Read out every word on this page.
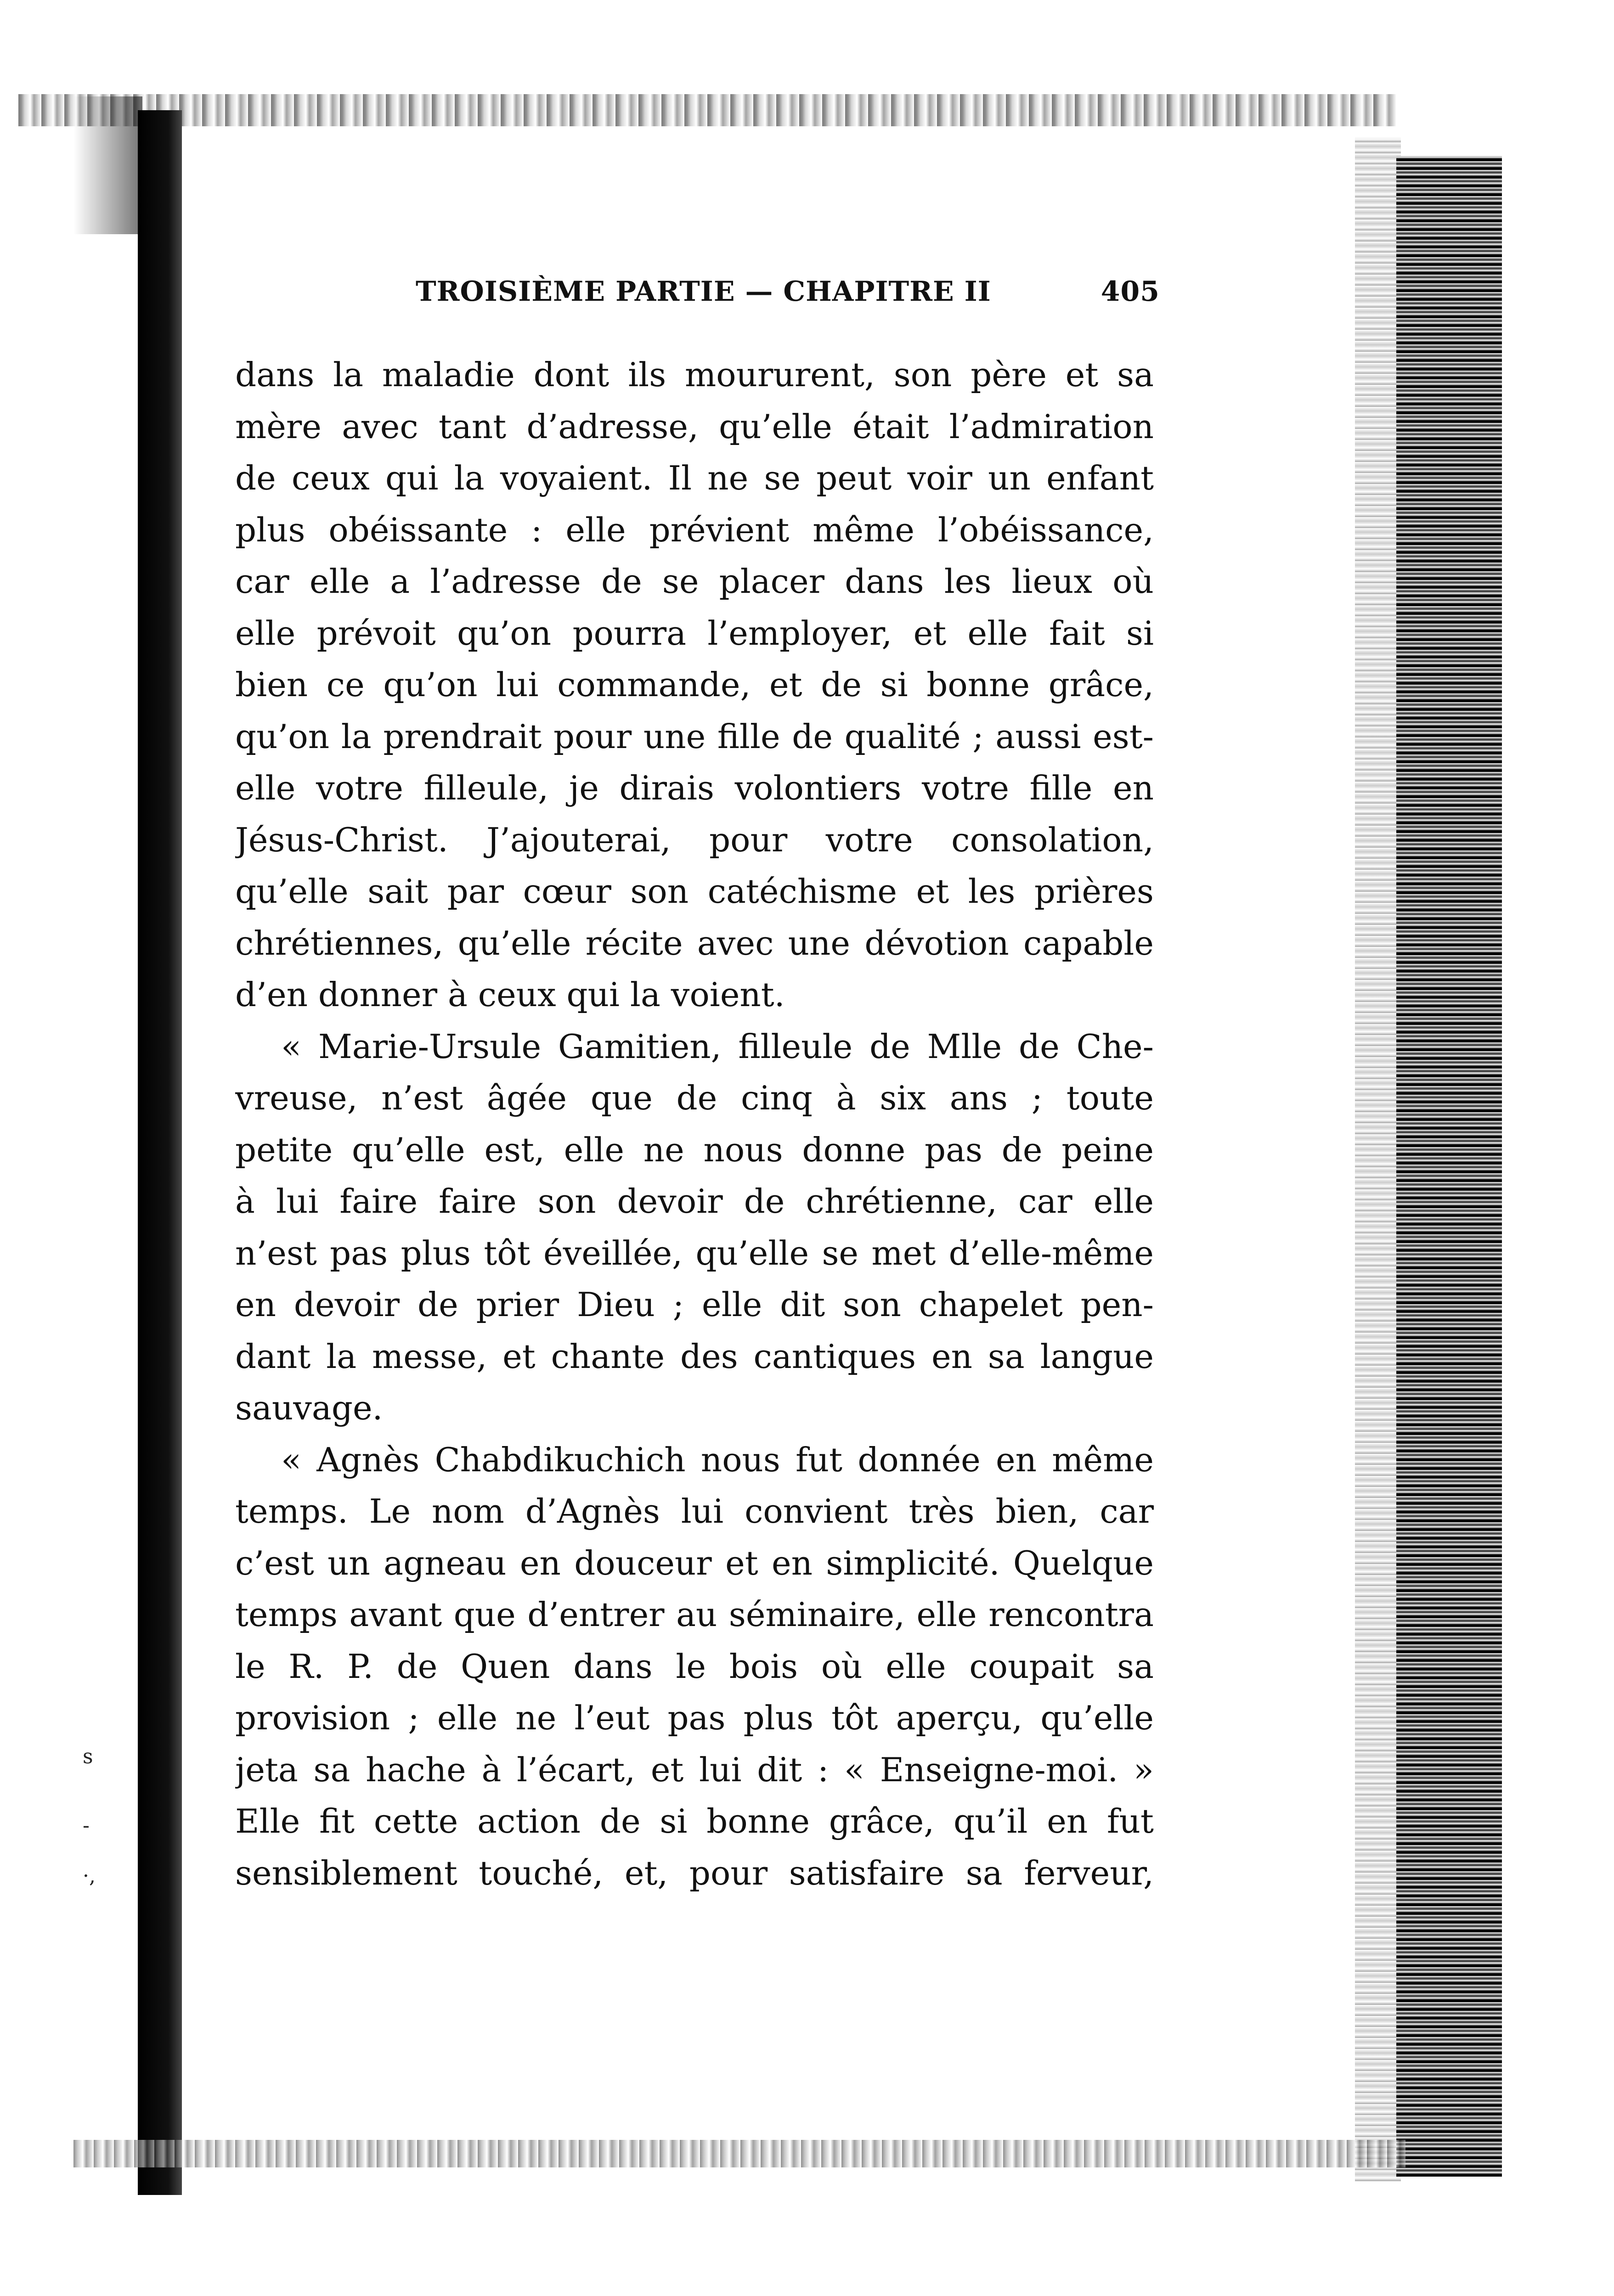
s
-
·,
TROISIÈME PARTIE — CHAPITRE II	405
dans la maladie dont ils moururent, son père et sa
mère avec tant d’adresse, qu’elle était l’admiration
de ceux qui la voyaient. Il ne se peut voir un enfant
plus obéissante : elle prévient même l’obéissance,
car elle a l’adresse de se placer dans les lieux où
elle prévoit qu’on pourra l’employer, et elle fait si
bien ce qu’on lui commande, et de si bonne grâce,
qu’on la prendrait pour une fille de qualité ; aussi est-
elle votre filleule, je dirais volontiers votre fille en
Jésus-Christ. J’ajouterai, pour votre consolation,
qu’elle sait par cœur son catéchisme et les prières
chrétiennes, qu’elle récite avec une dévotion capable
d’en donner à ceux qui la voient.
« Marie-Ursule Gamitien, filleule de Mlle de Che-
vreuse, n’est âgée que de cinq à six ans ; toute
petite qu’elle est, elle ne nous donne pas de peine
à lui faire faire son devoir de chrétienne, car elle
n’est pas plus tôt éveillée, qu’elle se met d’elle-même
en devoir de prier Dieu ; elle dit son chapelet pen-
dant la messe, et chante des cantiques en sa langue
sauvage.
« Agnès Chabdikuchich nous fut donnée en même
temps. Le nom d’Agnès lui convient très bien, car
c’est un agneau en douceur et en simplicité. Quelque
temps avant que d’entrer au séminaire, elle rencontra
le R. P. de Quen dans le bois où elle coupait sa
provision ; elle ne l’eut pas plus tôt aperçu, qu’elle
jeta sa hache à l’écart, et lui dit : « Enseigne-moi. »
Elle fit cette action de si bonne grâce, qu’il en fut
sensiblement touché, et, pour satisfaire sa ferveur,
